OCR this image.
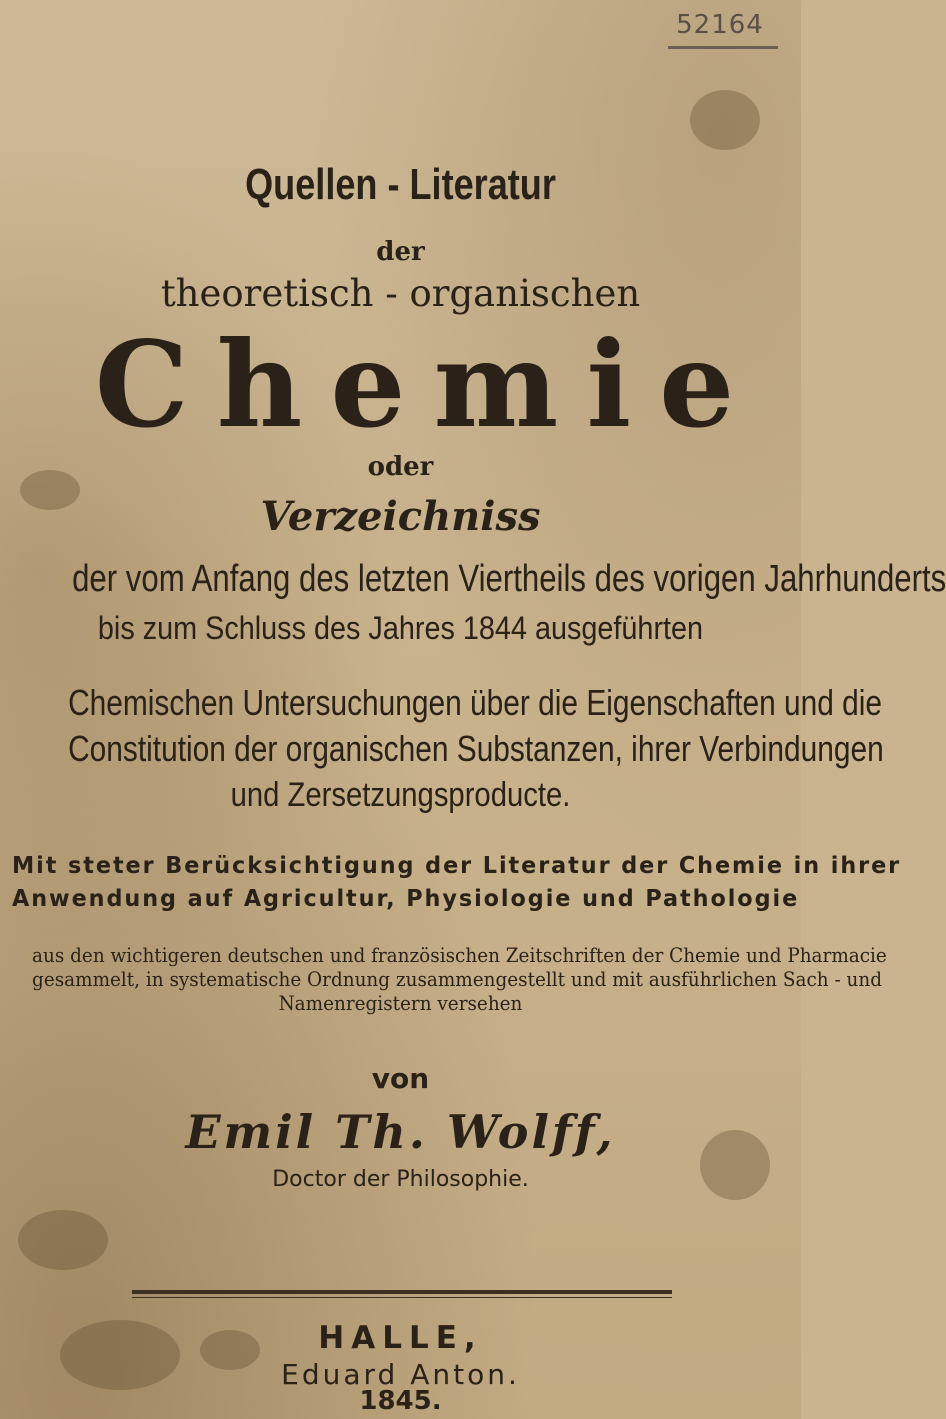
52164
Quellen - Literatur
der
theoretisch - organischen
Chemie
oder
Verzeichniss
der vom Anfang des letzten Viertheils des vorigen Jahrhunderts
bis zum Schluss des Jahres 1844 ausgeführten
Chemischen Untersuchungen über die Eigenschaften und die
Constitution der organischen Substanzen, ihrer Verbindungen
und Zersetzungsproducte.
Mit steter Berücksichtigung der Literatur der Chemie in ihrer
Anwendung auf Agricultur, Physiologie und Pathologie
aus den wichtigeren deutschen und französischen Zeitschriften der Chemie und Pharmacie
gesammelt, in systematische Ordnung zusammengestellt und mit ausführlichen Sach - und
Namenregistern versehen
von
Emil Th. Wolff,
Doctor der Philosophie.
HALLE,
Eduard Anton.
1845.
